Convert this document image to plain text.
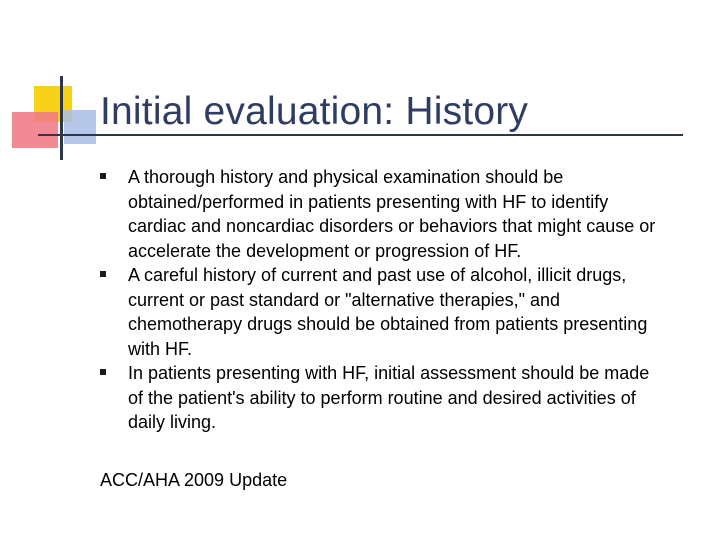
Initial evaluation: History
A thorough history and physical examination should be obtained/performed in patients presenting with HF to identify cardiac and noncardiac disorders or behaviors that might cause or accelerate the development or progression of HF.
A careful history of current and past use of alcohol, illicit drugs, current or past standard or "alternative therapies," and chemotherapy drugs should be obtained from patients presenting with HF.
In patients presenting with HF, initial assessment should be made of the patient's ability to perform routine and desired activities of daily living.

ACC/AHA 2009 Update
